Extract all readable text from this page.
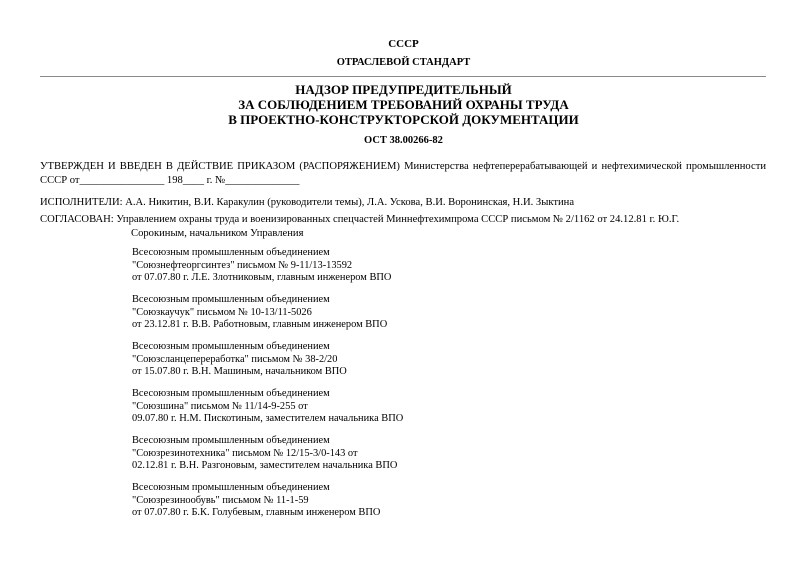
СССР
ОТРАСЛЕВОЙ СТАНДАРТ
НАДЗОР ПРЕДУПРЕДИТЕЛЬНЫЙ
ЗА СОБЛЮДЕНИЕМ ТРЕБОВАНИЙ ОХРАНЫ ТРУДА
В ПРОЕКТНО-КОНСТРУКТОРСКОЙ ДОКУМЕНТАЦИИ
ОСТ 38.00266-82
УТВЕРЖДЕН И ВВЕДЕН В ДЕЙСТВИЕ ПРИКАЗОМ (РАСПОРЯЖЕНИЕМ) Министерства нефтеперерабатывающей и нефтехимической промышленности СССР от________________ 198____ г. №______________
ИСПОЛНИТЕЛИ: А.А. Никитин, В.И. Каракулин (руководители темы), Л.А. Ускова, В.И. Воронинская, Н.И. Зыктина
СОГЛАСОВАН: Управлением охраны труда и военизированных спецчастей Миннефтехимпрома СССР письмом № 2/1162 от 24.12.81 г. Ю.Г.
Сорокиным, начальником Управления
Всесоюзным промышленным объединением
"Союзнефтеоргсинтез" письмом № 9-11/13-13592
от 07.07.80 г. Л.Е. Злотниковым, главным инженером ВПО
Всесоюзным промышленным объединением
"Союзкаучук" письмом № 10-13/11-5026
от 23.12.81 г. В.В. Работновым, главным инженером ВПО
Всесоюзным промышленным объединением
"Союзсланцепереработка" письмом № 38-2/20
от 15.07.80 г. В.Н. Машиным, начальником ВПО
Всесоюзным промышленным объединением
"Союзшина" письмом № 11/14-9-255 от
09.07.80 г. Н.М. Пискотиным, заместителем начальника ВПО
Всесоюзным промышленным объединением
"Союзрезинотехника" письмом № 12/15-3/0-143 от
02.12.81 г. В.Н. Разгоновым, заместителем начальника ВПО
Всесоюзным промышленным объединением
"Союзрезинообувь" письмом № 11-1-59
от 07.07.80 г. Б.К. Голубевым, главным инженером ВПО
